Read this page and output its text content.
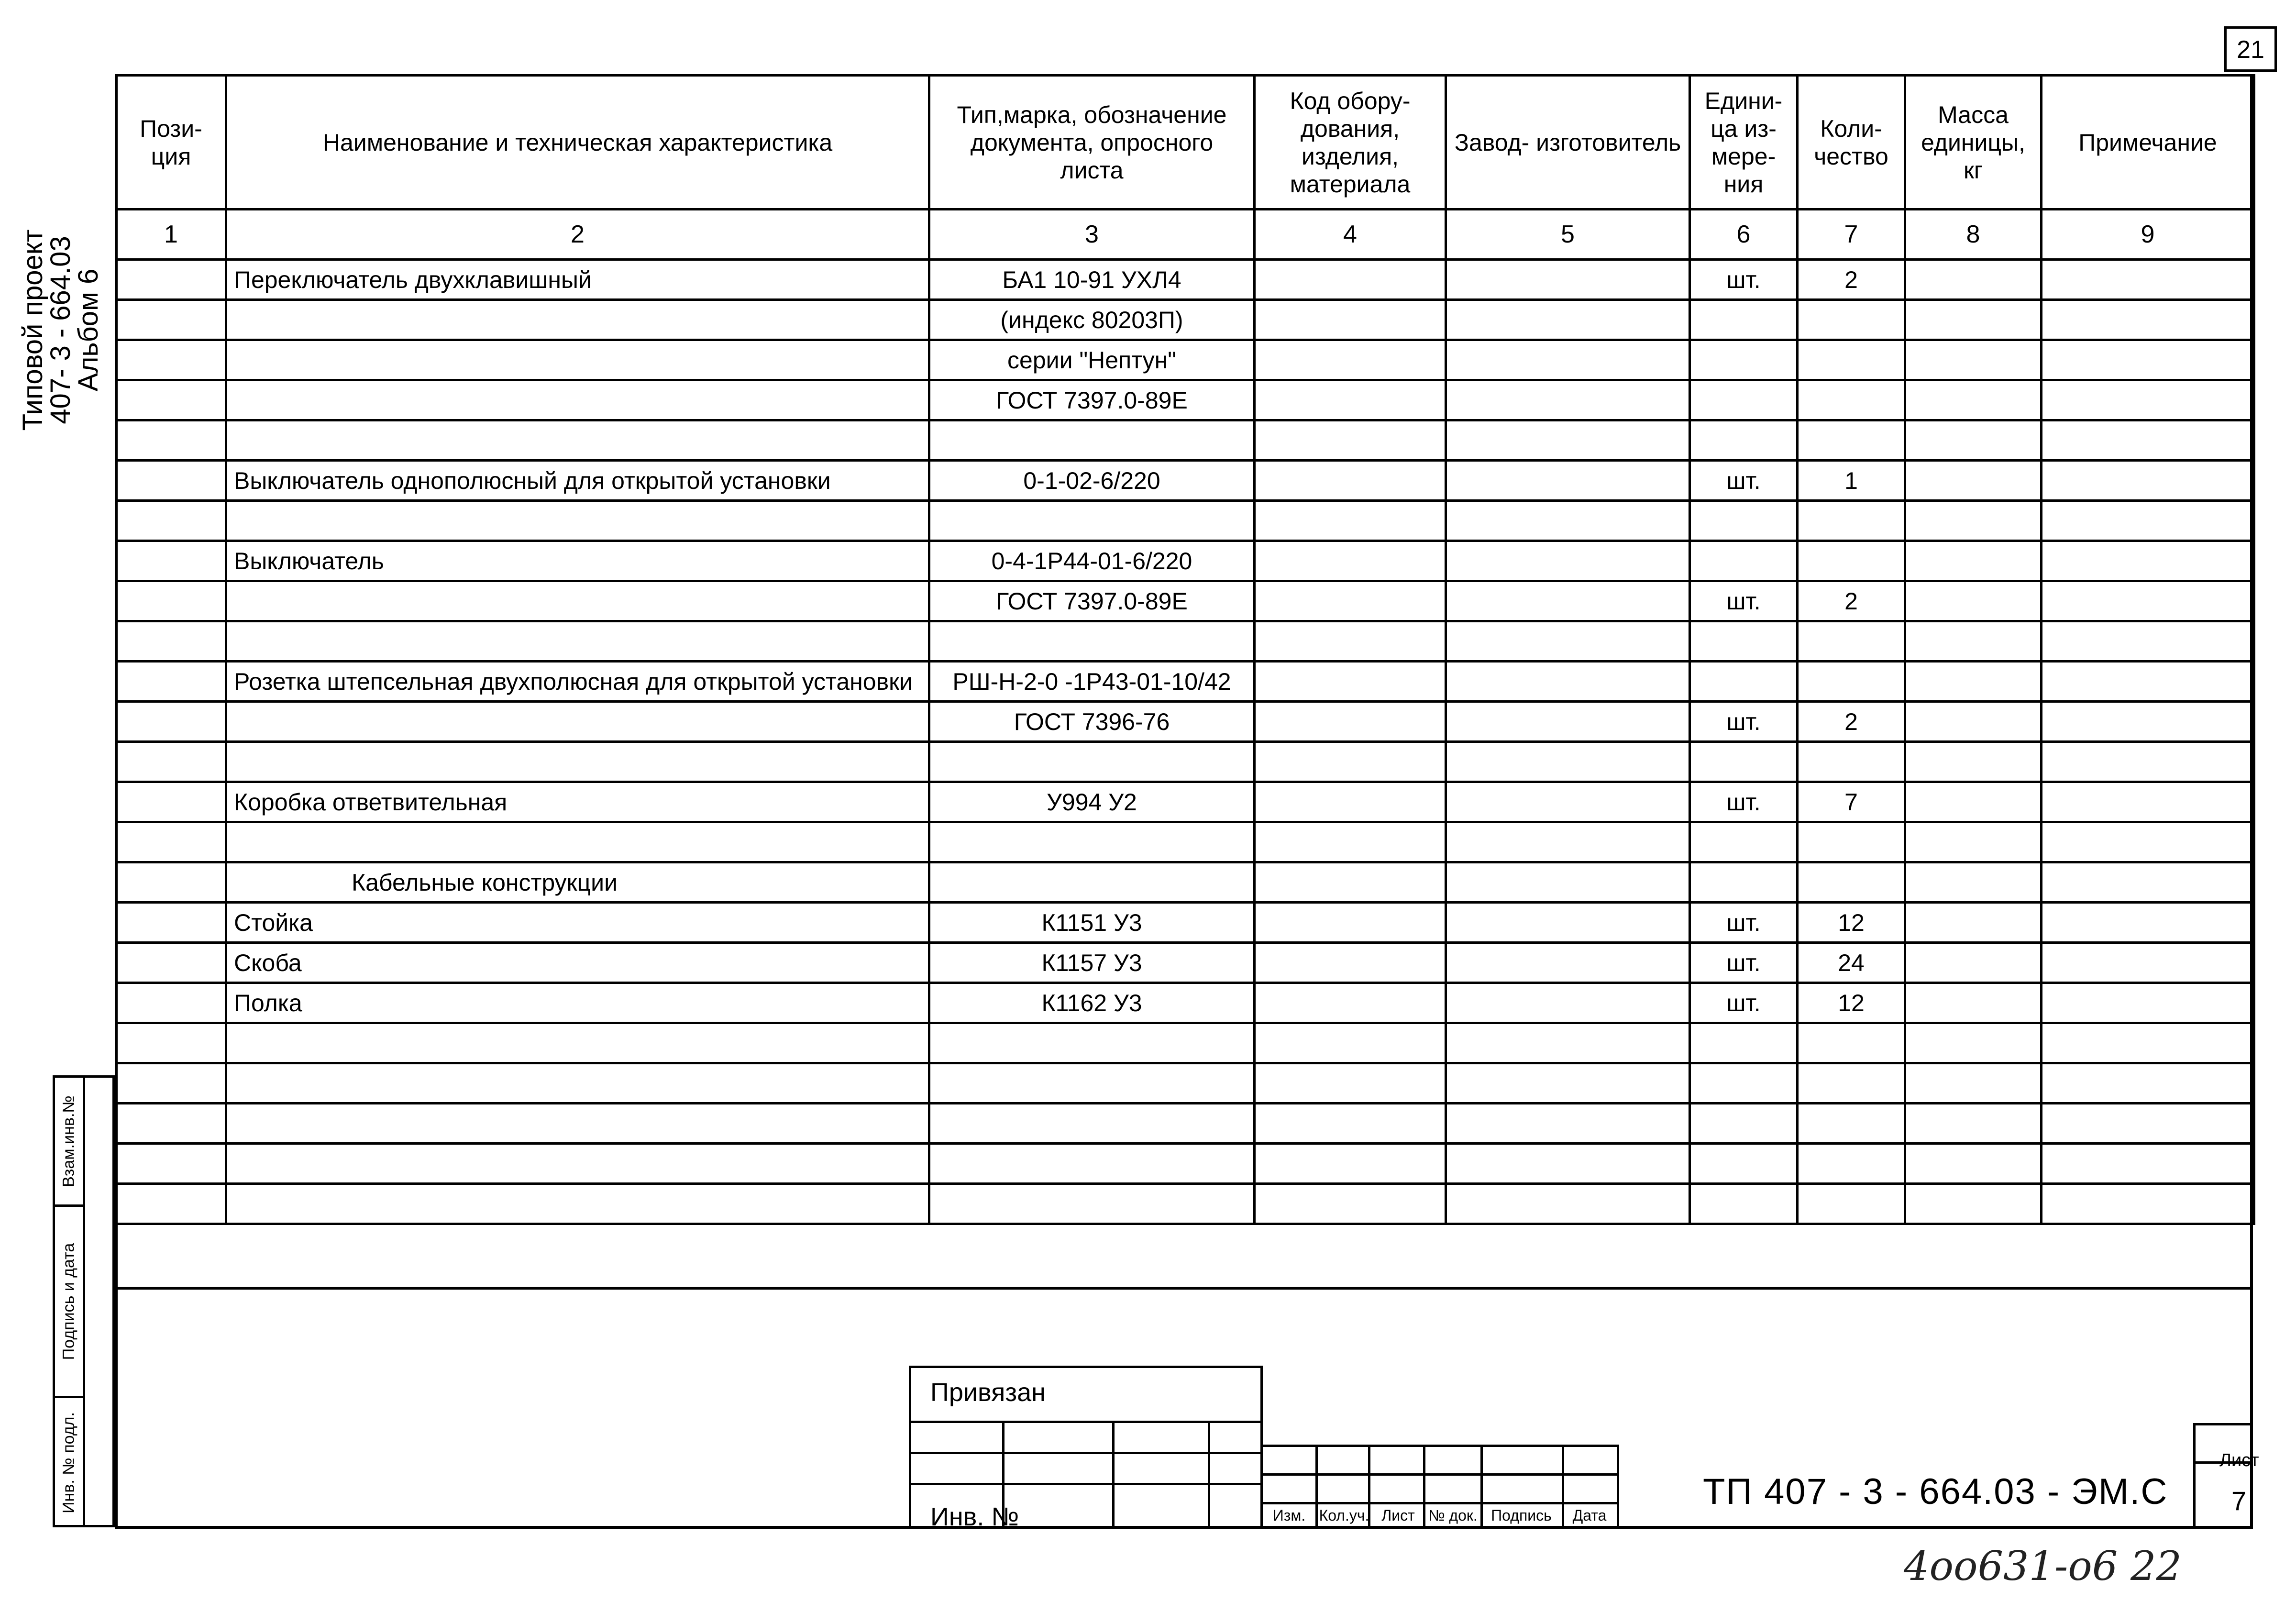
21
Типовой проект
407- 3 - 664.03
Альбом 6
Пози- ция	Наименование и техническая характеристика	Тип,марка, обозначение документа, опросного листа	Код обору- дования, изделия, материала	Завод- изготовитель	Едини- ца из- мере- ния	Коли- чество	Масса единицы, кг	Примечание
1	2	3	4	5	6	7	8	9
	Переключатель двухклавишный	БА1 10-91 УХЛ4			шт.	2		
		(индекс 80203П)						
		серии "Нептун"						
		ГОСТ 7397.0-89Е						

	Выключатель однополюсный для открытой установки	0-1-02-6/220			шт.	1		

	Выключатель	0-4-1Р44-01-6/220						
		ГОСТ 7397.0-89Е			шт.	2		

	Розетка штепсельная двухполюсная для открытой установки	РШ-Н-2-0 -1Р43-01-10/42						
		ГОСТ 7396-76			шт.	2		

	Коробка ответвительная	У994 У2			шт.	7		

	Кабельные конструкции							
	Стойка	К1151 У3			шт.	12		
	Скоба	К1157 У3			шт.	24		
	Полка	К1162 У3			шт.	12		

Взам.инв.№
Подпись и дата
Инв. № подл.
Привязан
Инв. №	Изм. Кол.уч. Лист № док. Подпись	Дата
ТП 407 - 3 - 664.03 - ЭМ.С
Лист
7
4оо631-о6 22
